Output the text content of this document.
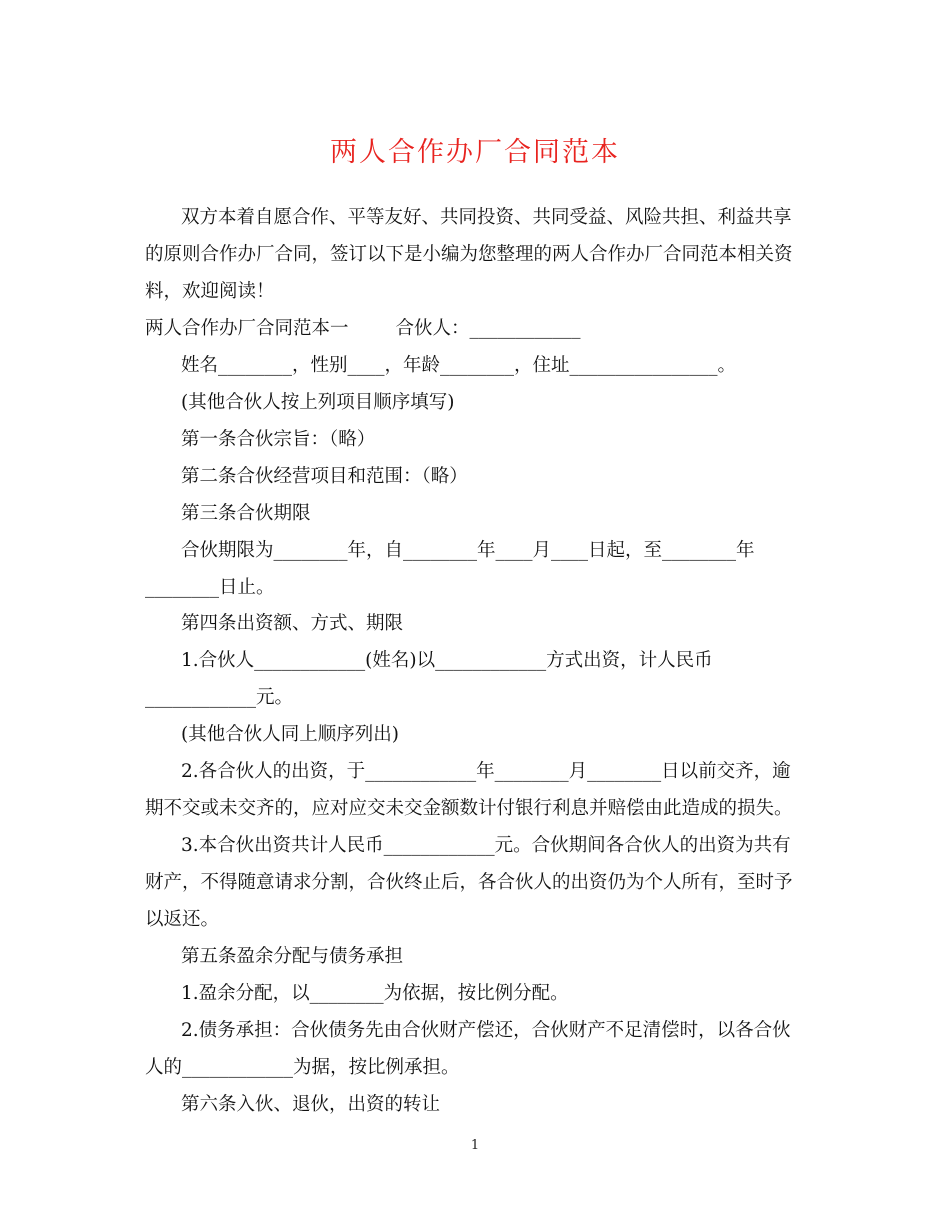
两人合作办厂合同范本
双方本着自愿合作、平等友好、共同投资、共同受益、风险共担、利益共享
的原则合作办厂合同，签订以下是小编为您整理的两人合作办厂合同范本相关资
料，欢迎阅读！
两人合作办厂合同范本一        合伙人：____________
姓名________，性别____，年龄________，住址________________。
(其他合伙人按上列项目顺序填写)
第一条合伙宗旨：（略）
第二条合伙经营项目和范围：（略）
第三条合伙期限
合伙期限为________年，自________年____月____日起，至________年
________日止。
第四条出资额、方式、期限
1.合伙人____________(姓名)以____________方式出资，计人民币
____________元。
(其他合伙人同上顺序列出)
2.各合伙人的出资，于____________年________月________日以前交齐，逾
期不交或未交齐的，应对应交未交金额数计付银行利息并赔偿由此造成的损失。
3.本合伙出资共计人民币____________元。合伙期间各合伙人的出资为共有
财产，不得随意请求分割，合伙终止后，各合伙人的出资仍为个人所有，至时予
以返还。
第五条盈余分配与债务承担
1.盈余分配，以________为依据，按比例分配。
2.债务承担：合伙债务先由合伙财产偿还，合伙财产不足清偿时，以各合伙
人的____________为据，按比例承担。
第六条入伙、退伙，出资的转让
1
